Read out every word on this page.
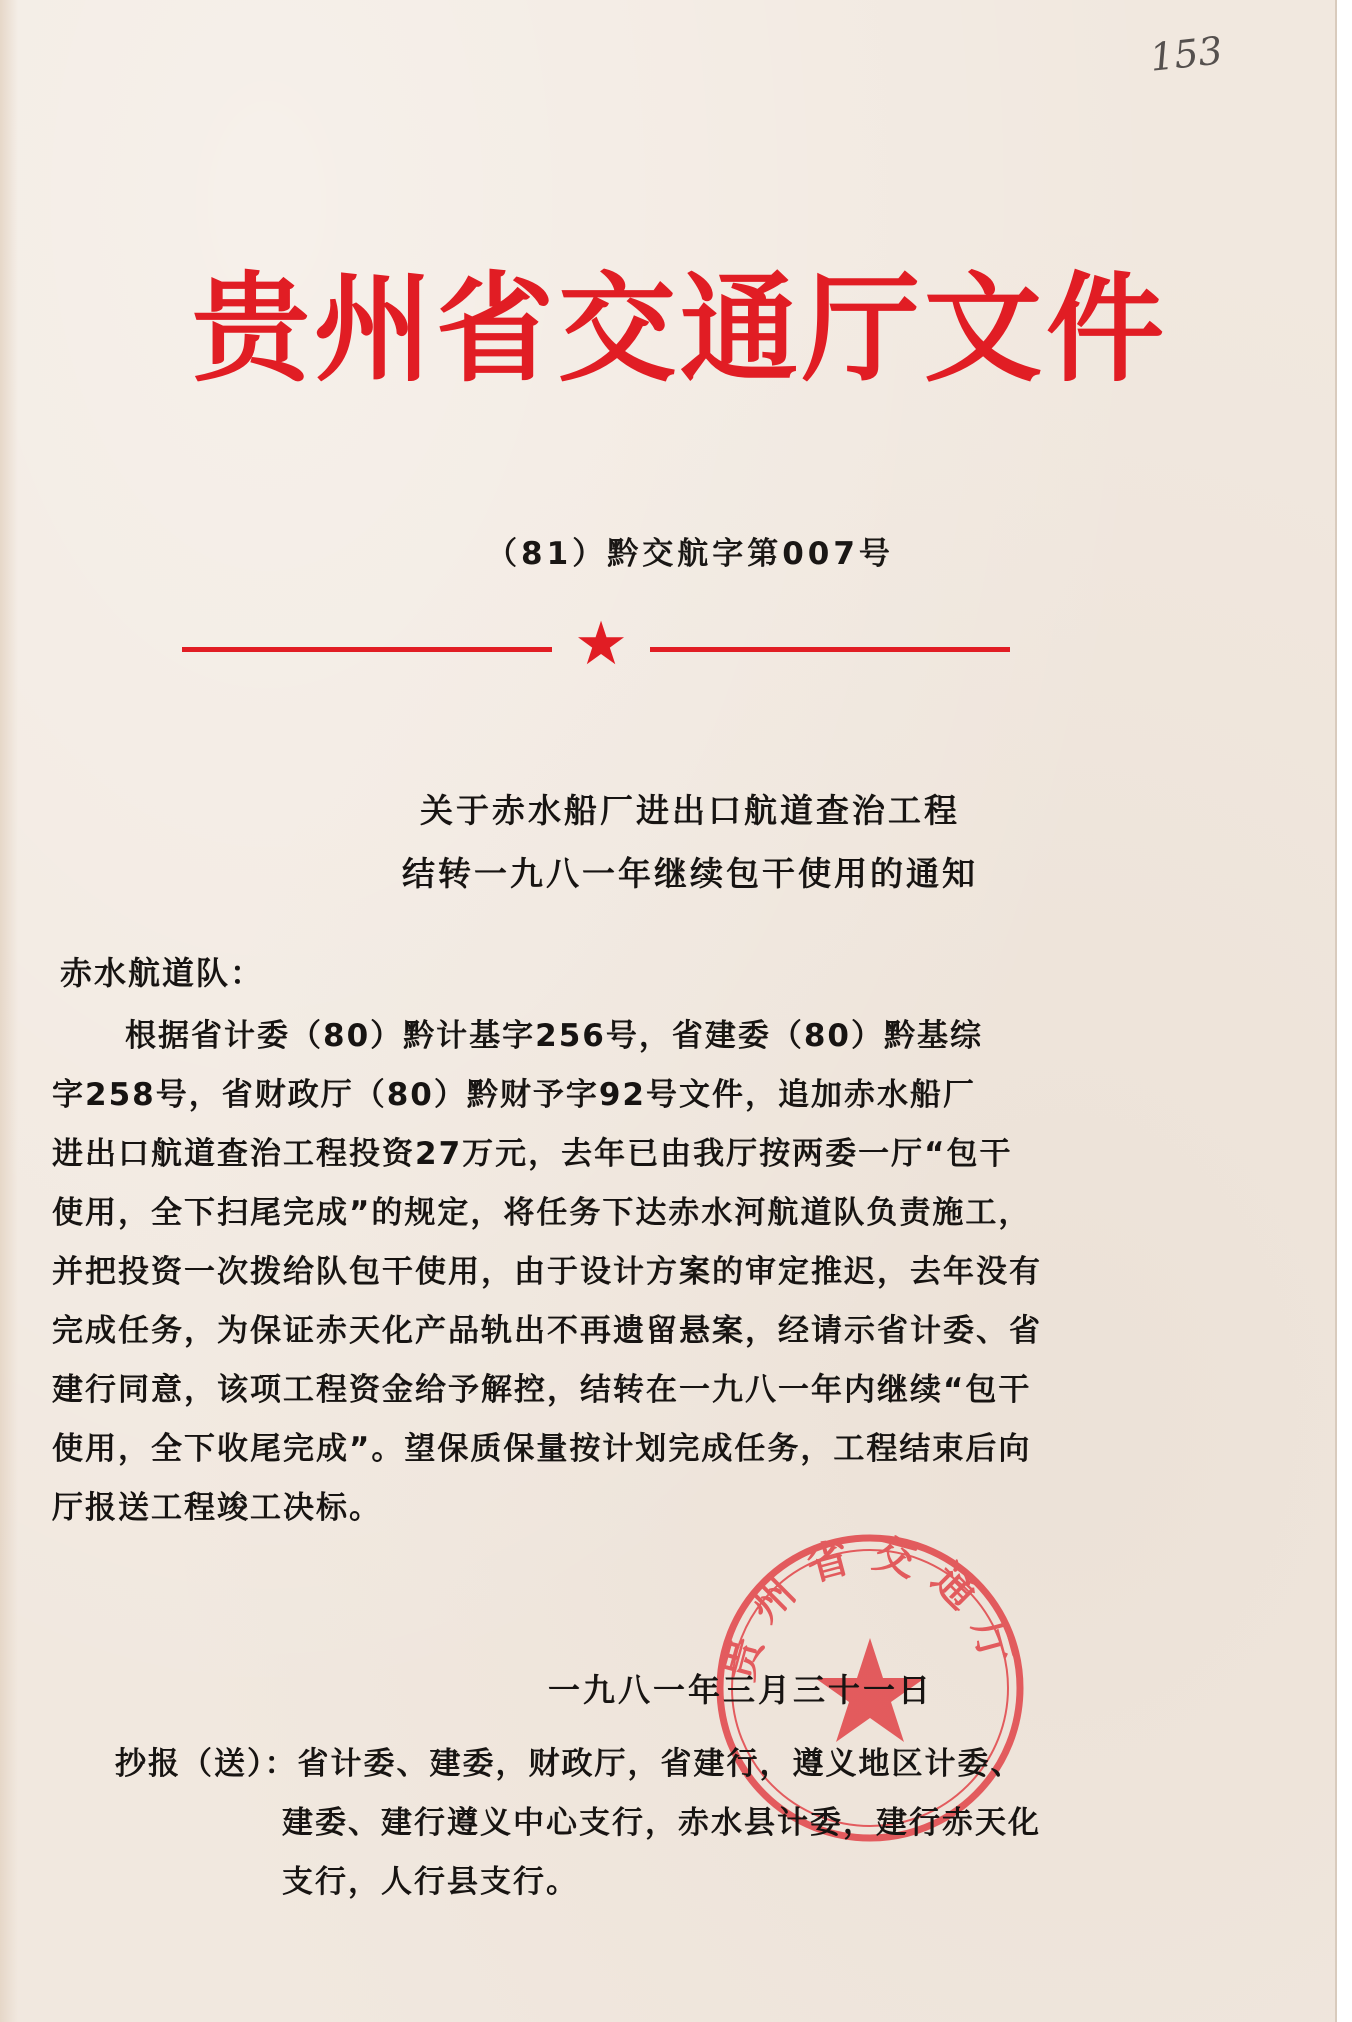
153
贵州省交通厅文件
（81）黔交航字第007号
★
关于赤水船厂进出口航道查治工程
结转一九八一年继续包干使用的通知
赤水航道队：
根据省计委（80）黔计基字256号，省建委（80）黔基综
字258号，省财政厅（80）黔财予字92号文件，追加赤水船厂
进出口航道查治工程投资27万元，去年已由我厅按两委一厅“包干
使用，全下扫尾完成”的规定，将任务下达赤水河航道队负责施工，
并把投资一次拨给队包干使用，由于设计方案的审定推迟，去年没有
完成任务，为保证赤天化产品轨出不再遗留悬案，经请示省计委、省
建行同意，该项工程资金给予解控，结转在一九八一年内继续“包干
使用，全下收尾完成”。望保质保量按计划完成任务，工程结束后向
厅报送工程竣工决标。
贵州省交通厅
一九八一年三月三十一日
抄报（送）：省计委、建委，财政厅，省建行，遵义地区计委、
建委、建行遵义中心支行，赤水县计委，建行赤天化
支行，人行县支行。
